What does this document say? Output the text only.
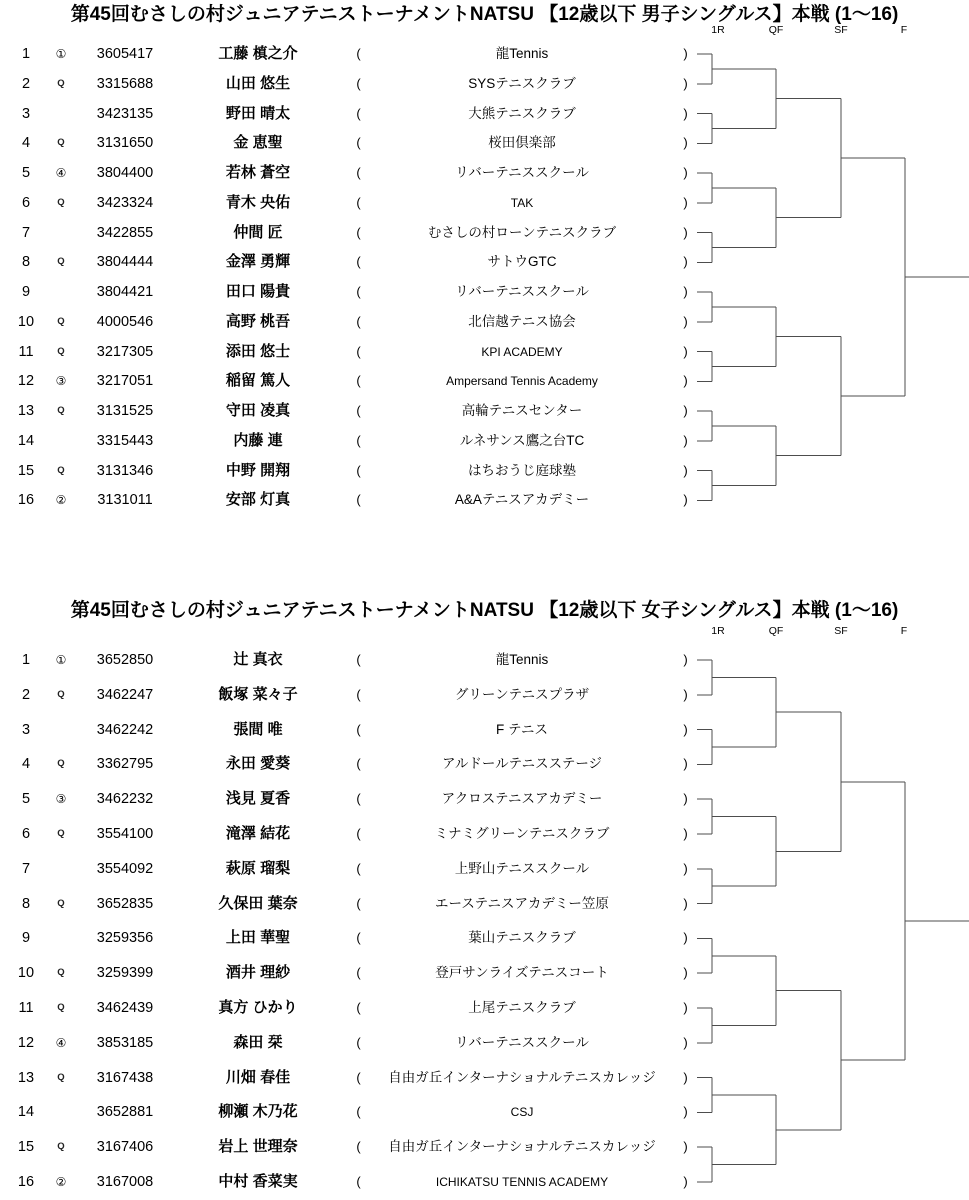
第45回むさしの村ジュニアテニストーナメントNATSU 【12歳以下 男子シングルス】本戦 (1～16)
1R	QF	SF	F
1	①	3605417	工藤 槙之介	(	龍Tennis	)
2	Q	3315688	山田 悠生	(	SYSテニスクラブ	)
3	3423135	野田 晴太	(	大熊テニスクラブ	)
4	Q	3131650	金 恵聖	(	桜田倶楽部	)
5	④	3804400	若林 蒼空	(	リバーテニススクール	)
6	Q	3423324	青木 央佑	(	TAK	)
7	3422855	仲間 匠	(	むさしの村ローンテニスクラブ	)
8	Q	3804444	金澤 勇輝	(	サトウGTC	)
9	3804421	田口 陽貴	(	リバーテニススクール	)
10	Q	4000546	高野 桃吾	(	北信越テニス協会	)
11	Q	3217305	添田 悠士	(	KPI ACADEMY	)
12	③	3217051	稲留 篤人	(	Ampersand Tennis Academy	)
13	Q	3131525	守田 凌真	(	高輪テニスセンター	)
14	3315443	内藤 連	(	ルネサンス鷹之台TC	)
15	Q	3131346	中野 開翔	(	はちおうじ庭球塾	)
16	②	3131011	安部 灯真	(	A&Aテニスアカデミー	)
第45回むさしの村ジュニアテニストーナメントNATSU 【12歳以下 女子シングルス】本戦 (1～16)
1R	QF	SF	F
1	①	3652850	辻 真衣	(	龍Tennis	)
2	Q	3462247	飯塚 菜々子	(	グリーンテニスプラザ	)
3	3462242	張間 唯	(	F テニス	)
4	Q	3362795	永田 愛葵	(	アルドールテニスステージ	)
5	③	3462232	浅見 夏香	(	アクロステニスアカデミー	)
6	Q	3554100	滝澤 結花	(	ミナミグリーンテニスクラブ	)
7	3554092	萩原 瑠梨	(	上野山テニススクール	)
8	Q	3652835	久保田 葉奈	(	エーステニスアカデミー笠原	)
9	3259356	上田 華聖	(	葉山テニスクラブ	)
10	Q	3259399	酒井 理紗	(	登戸サンライズテニスコート	)
11	Q	3462439	真方 ひかり	(	上尾テニスクラブ	)
12	④	3853185	森田 栞	(	リバーテニススクール	)
13	Q	3167438	川畑 春佳	(	自由ガ丘インターナショナルテニスカレッジ	)
14	3652881	柳瀬 木乃花	(	CSJ	)
15	Q	3167406	岩上 世理奈	(	自由ガ丘インターナショナルテニスカレッジ	)
16	②	3167008	中村 香菜実	(	ICHIKATSU TENNIS ACADEMY	)
